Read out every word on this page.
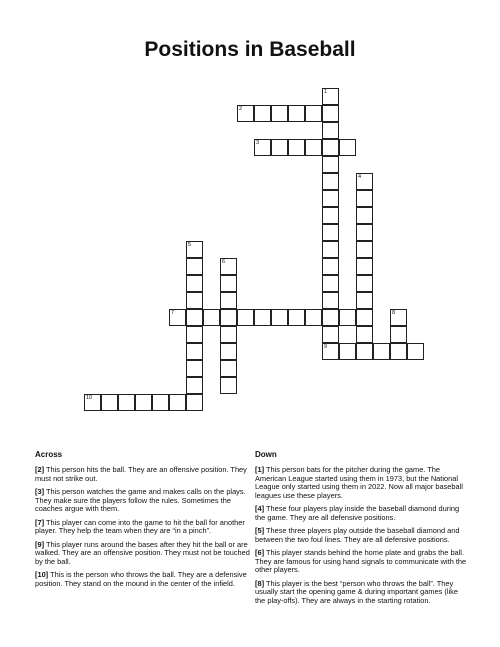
Positions in Baseball
1
2
3
4
5
6
7	8
9
10
Across	Down
[2] This person hits the ball. They are an offensive position. They must not strike out.
[3] This person watches the game and makes calls on the plays. They make sure the players follow the rules. Sometimes the coaches argue with them.
[7] This player can come into the game to hit the ball for another player. They help the team when they are “in a pinch”.
[9] This player runs around the bases after they hit the ball or are walked. They are an offensive position. They must not be touched by the ball.
[10] This is the person who throws the ball. They are a defensive position. They stand on the mound in the center of the infield.
[1] This person bats for the pitcher during the game. The American League started using them in 1973, but the National League only started using them in 2022. Now all major baseball leagues use these players.
[4] These four players play inside the baseball diamond during the game. They are all defensive positions.
[5] These three players play outside the baseball diamond and between the two foul lines. They are all defensive positions.
[6] This player stands behind the home plate and grabs the ball. They are famous for using hand signals to communicate with the other players.
[8] This player is the best “person who throws the ball”. They usually start the opening game & during important games (like the play-offs). They are always in the starting rotation.
